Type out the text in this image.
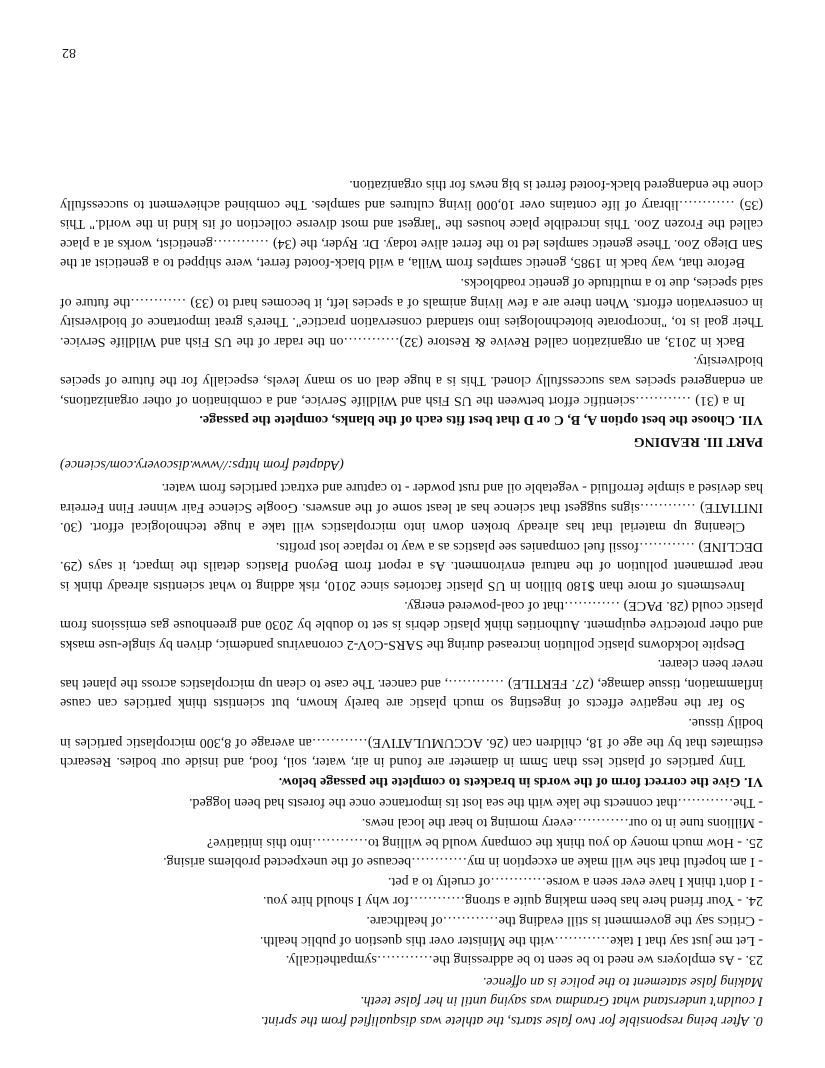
0. After being responsible for two false starts, the athlete was disqualified from the sprint.
I couldn't understand what Grandma was saying until in her false teeth.
Making false statement to the police is an offence.

23. - As employers we need to be seen to be addressing the…………sympathetically.

- Let me just say that I take…………with the Minister over this question of public health.

- Critics say the government is still evading the…………of healthcare.

24. - Your friend here has been making quite a strong…………for why I should hire you.

- I don't think I have ever seen a worse…………of cruelty to a pet.

- I am hopeful that she will make an exception in my…………because of the unexpected problems arising.

25. - How much money do you think the company would be willing to…………into this initiative?

- Millions tune in to our…………every morning to hear the local news.

- The…………that connects the lake with the sea lost its importance once the forests had been logged.

VI. Give the correct form of the words in brackets to complete the passage below.

Tiny particles of plastic less than 5mm in diameter are found in air, water, soil, food, and inside our bodies. Research estimates that by the age of 18, children can (26. ACCUMULATIVE)…………an average of 8,300 microplastic particles in bodily tissue.

So far the negative effects of ingesting so much plastic are barely known, but scientists think particles can cause inflammation, tissue damage, (27. FERTILE) …………, and cancer. The case to clean up microplastics across the planet has never been clearer.

Despite lockdowns plastic pollution increased during the SARS-CoV-2 coronavirus pandemic, driven by single-use masks and other protective equipment. Authorities think plastic debris is set to double by 2030 and greenhouse gas emissions from plastic could (28. PACE) …………that of coal-powered energy.

Investments of more than $180 billion in US plastic factories since 2010, risk adding to what scientists already think is near permanent pollution of the natural environment. As a report from Beyond Plastics details the impact, it says (29. DECLINE) …………fossil fuel companies see plastics as a way to replace lost profits.

Cleaning up material that has already broken down into microplastics will take a huge technological effort. (30. INITIATE) …………signs suggest that science has at least some of the answers. Google Science Fair winner Finn Ferreira has devised a simple ferrofluid - vegetable oil and rust powder - to capture and extract particles from water.

(Adapted from https://www.discovery.com/science)

PART III. READING

VII. Choose the best option A, B, C or D that best fits each of the blanks, complete the passage.

In a (31) …………scientific effort between the US Fish and Wildlife Service, and a combination of other organizations, an endangered species was successfully cloned. This is a huge deal on so many levels, especially for the future of species biodiversity.

Back in 2013, an organization called Revive & Restore (32)…………on the radar of the US Fish and Wildlife Service. Their goal is to, "incorporate biotechnologies into standard conservation practice". There's great importance of biodiversity in conservation efforts. When there are a few living animals of a species left, it becomes hard to (33) …………the future of said species, due to a multitude of genetic roadblocks.

Before that, way back in 1985, genetic samples from Willa, a wild black-footed ferret, were shipped to a geneticist at the San Diego Zoo. These genetic samples led to the ferret alive today. Dr. Ryder, the (34) …………geneticist, works at a place called the Frozen Zoo. This incredible place houses the "largest and most diverse collection of its kind in the world." This (35) …………library of life contains over 10,000 living cultures and samples. The combined achievement to successfully clone the endangered black-footed ferret is big news for this organization.

82
